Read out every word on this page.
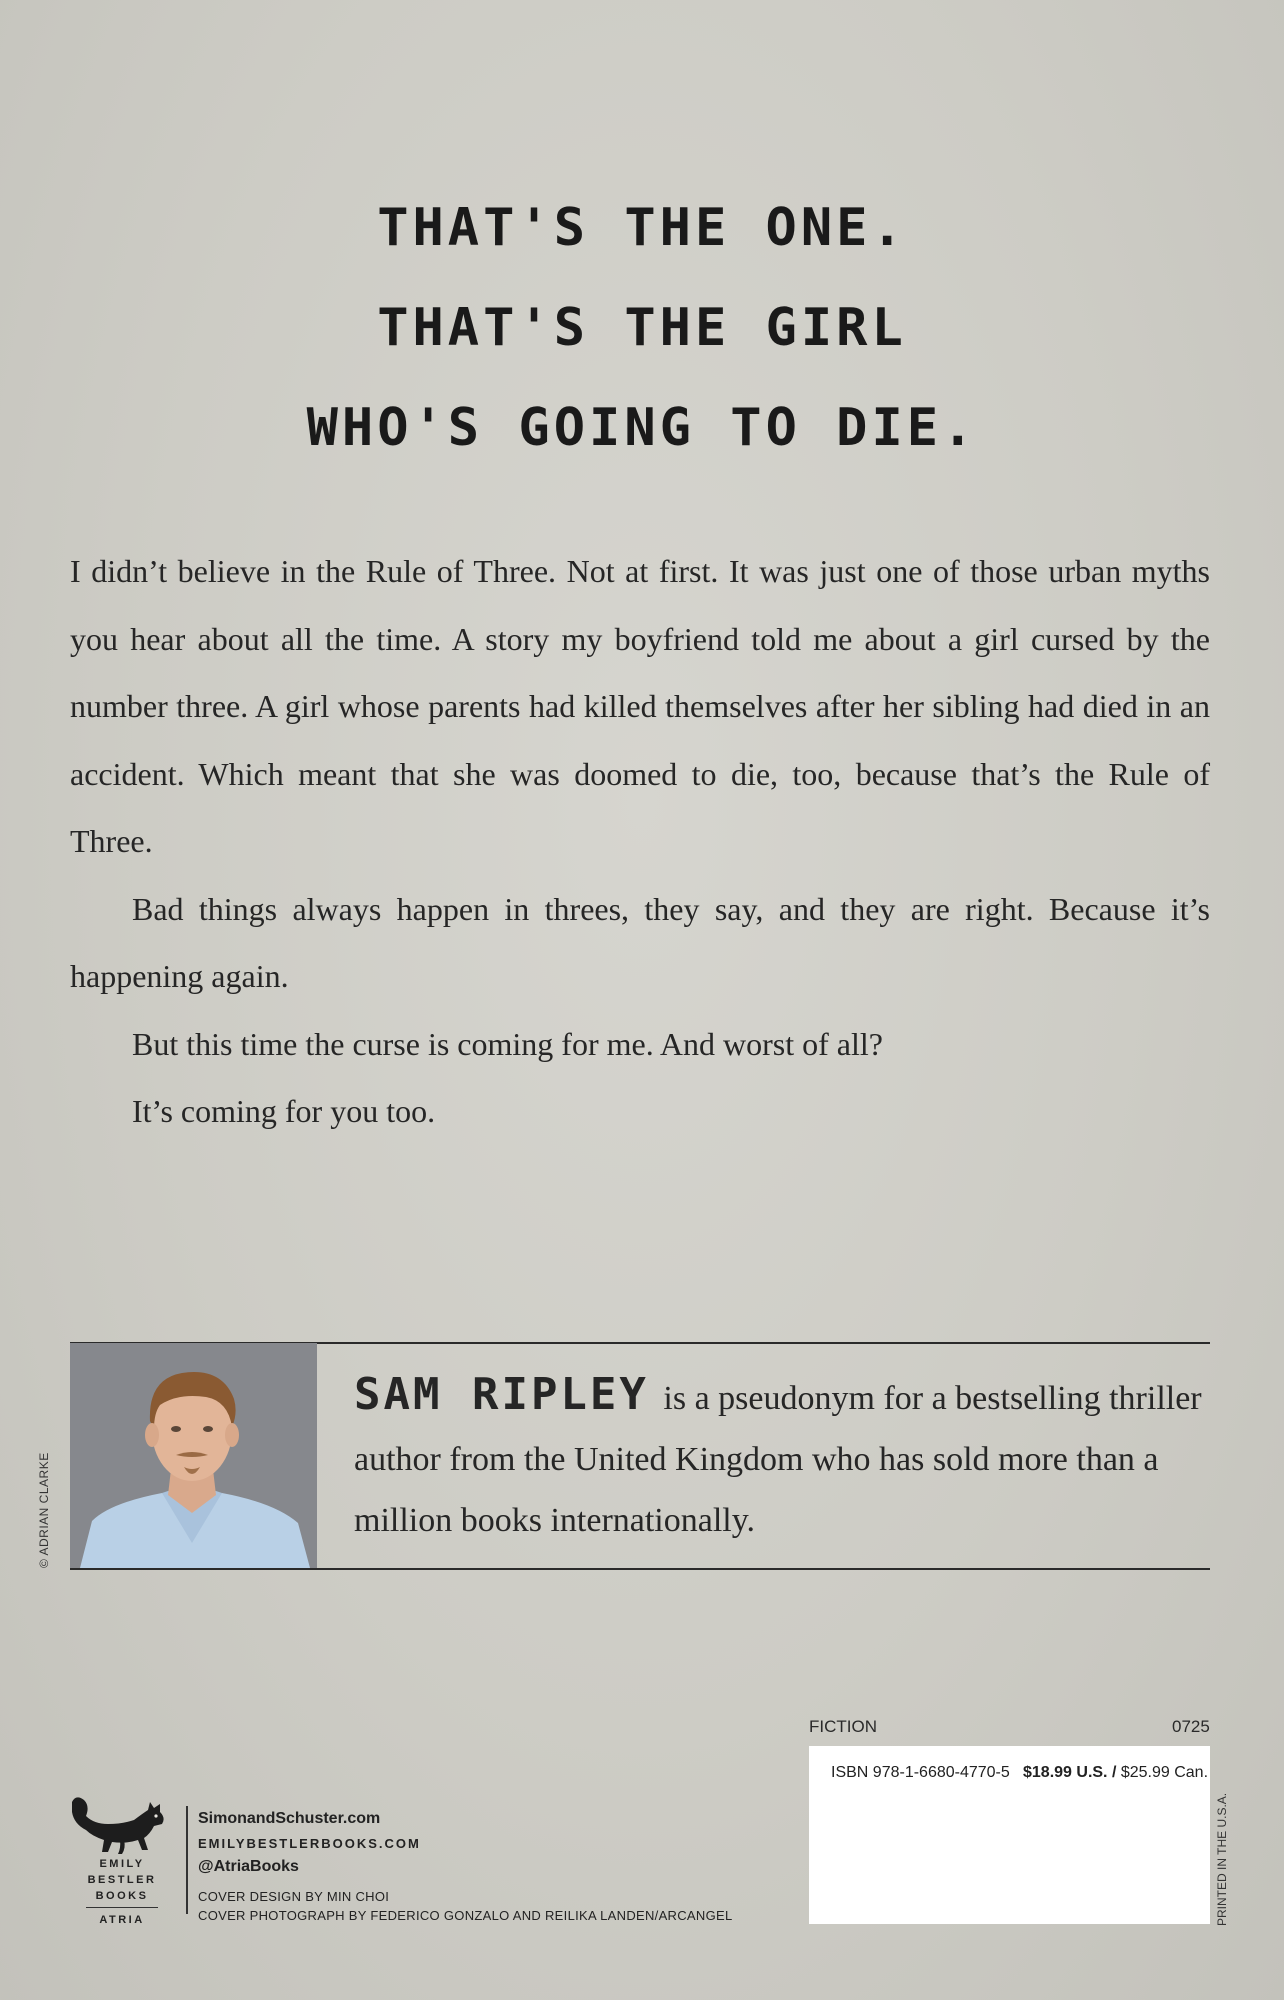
THAT'S THE ONE.
THAT'S THE GIRL
WHO'S GOING TO DIE.

I didn’t believe in the Rule of Three. Not at first. It was just one of those urban myths you hear about all the time. A story my boyfriend told me about a girl cursed by the number three. A girl whose parents had killed themselves after her sibling had died in an accident. Which meant that she was doomed to die, too, because that’s the Rule of Three.

Bad things always happen in threes, they say, and they are right. Because it’s happening again.

But this time the curse is coming for me. And worst of all?

It’s coming for you too.

© ADRIAN CLARKE
SAM RIPLEY is a pseudonym for a bestselling thriller author from the United Kingdom who has sold more than a million books internationally.
FICTION	0725
ISBN 978-1-6680-4770-5 $18.99 U.S. / $25.99 Can.
PRINTED IN THE U.S.A.
EMILY
BESTLER
BOOKS
ATRIA
SimonandSchuster.com
EMILYBESTLERBOOKS.COM
@AtriaBooks
COVER DESIGN BY MIN CHOI
COVER PHOTOGRAPH BY FEDERICO GONZALO AND REILIKA LANDEN/ARCANGEL
